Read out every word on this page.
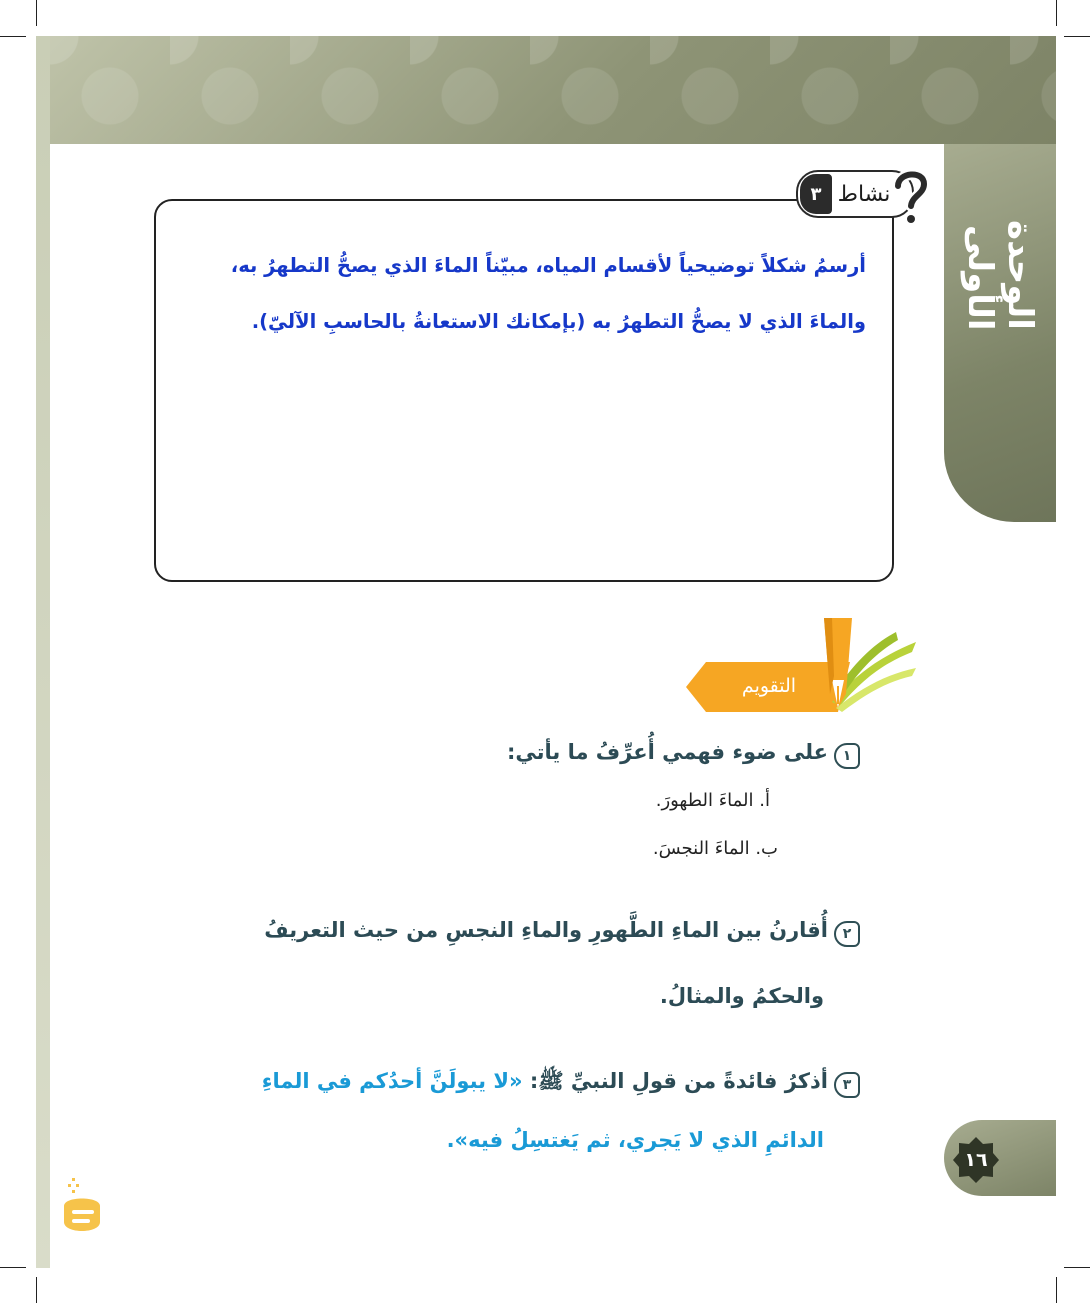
الوحدة الأولى
١٦
أرسمُ شكلاً توضيحياً لأقسام المياه، مبيّناً الماءَ الذي يصحُّ التطهرُ به،
والماءَ الذي لا يصحُّ التطهرُ به (بإمكانك الاستعانةُ بالحاسبِ الآليّ).
٣ نشاط
التقويم
١
على ضوء فهمي أُعرِّفُ ما يأتي:
أ. الماءَ الطهورَ.
ب. الماءَ النجسَ.
٢
أُقارنُ بين الماءِ الطَّهورِ والماءِ النجسِ من حيث التعريفُ
والحكمُ والمثالُ.
٣
أذكرُ فائدةً من قولِ النبيِّ ﷺ: «لا يبولَنَّ أحدُكم في الماءِ
الدائمِ الذي لا يَجري، ثم يَغتسِلُ فيه».
